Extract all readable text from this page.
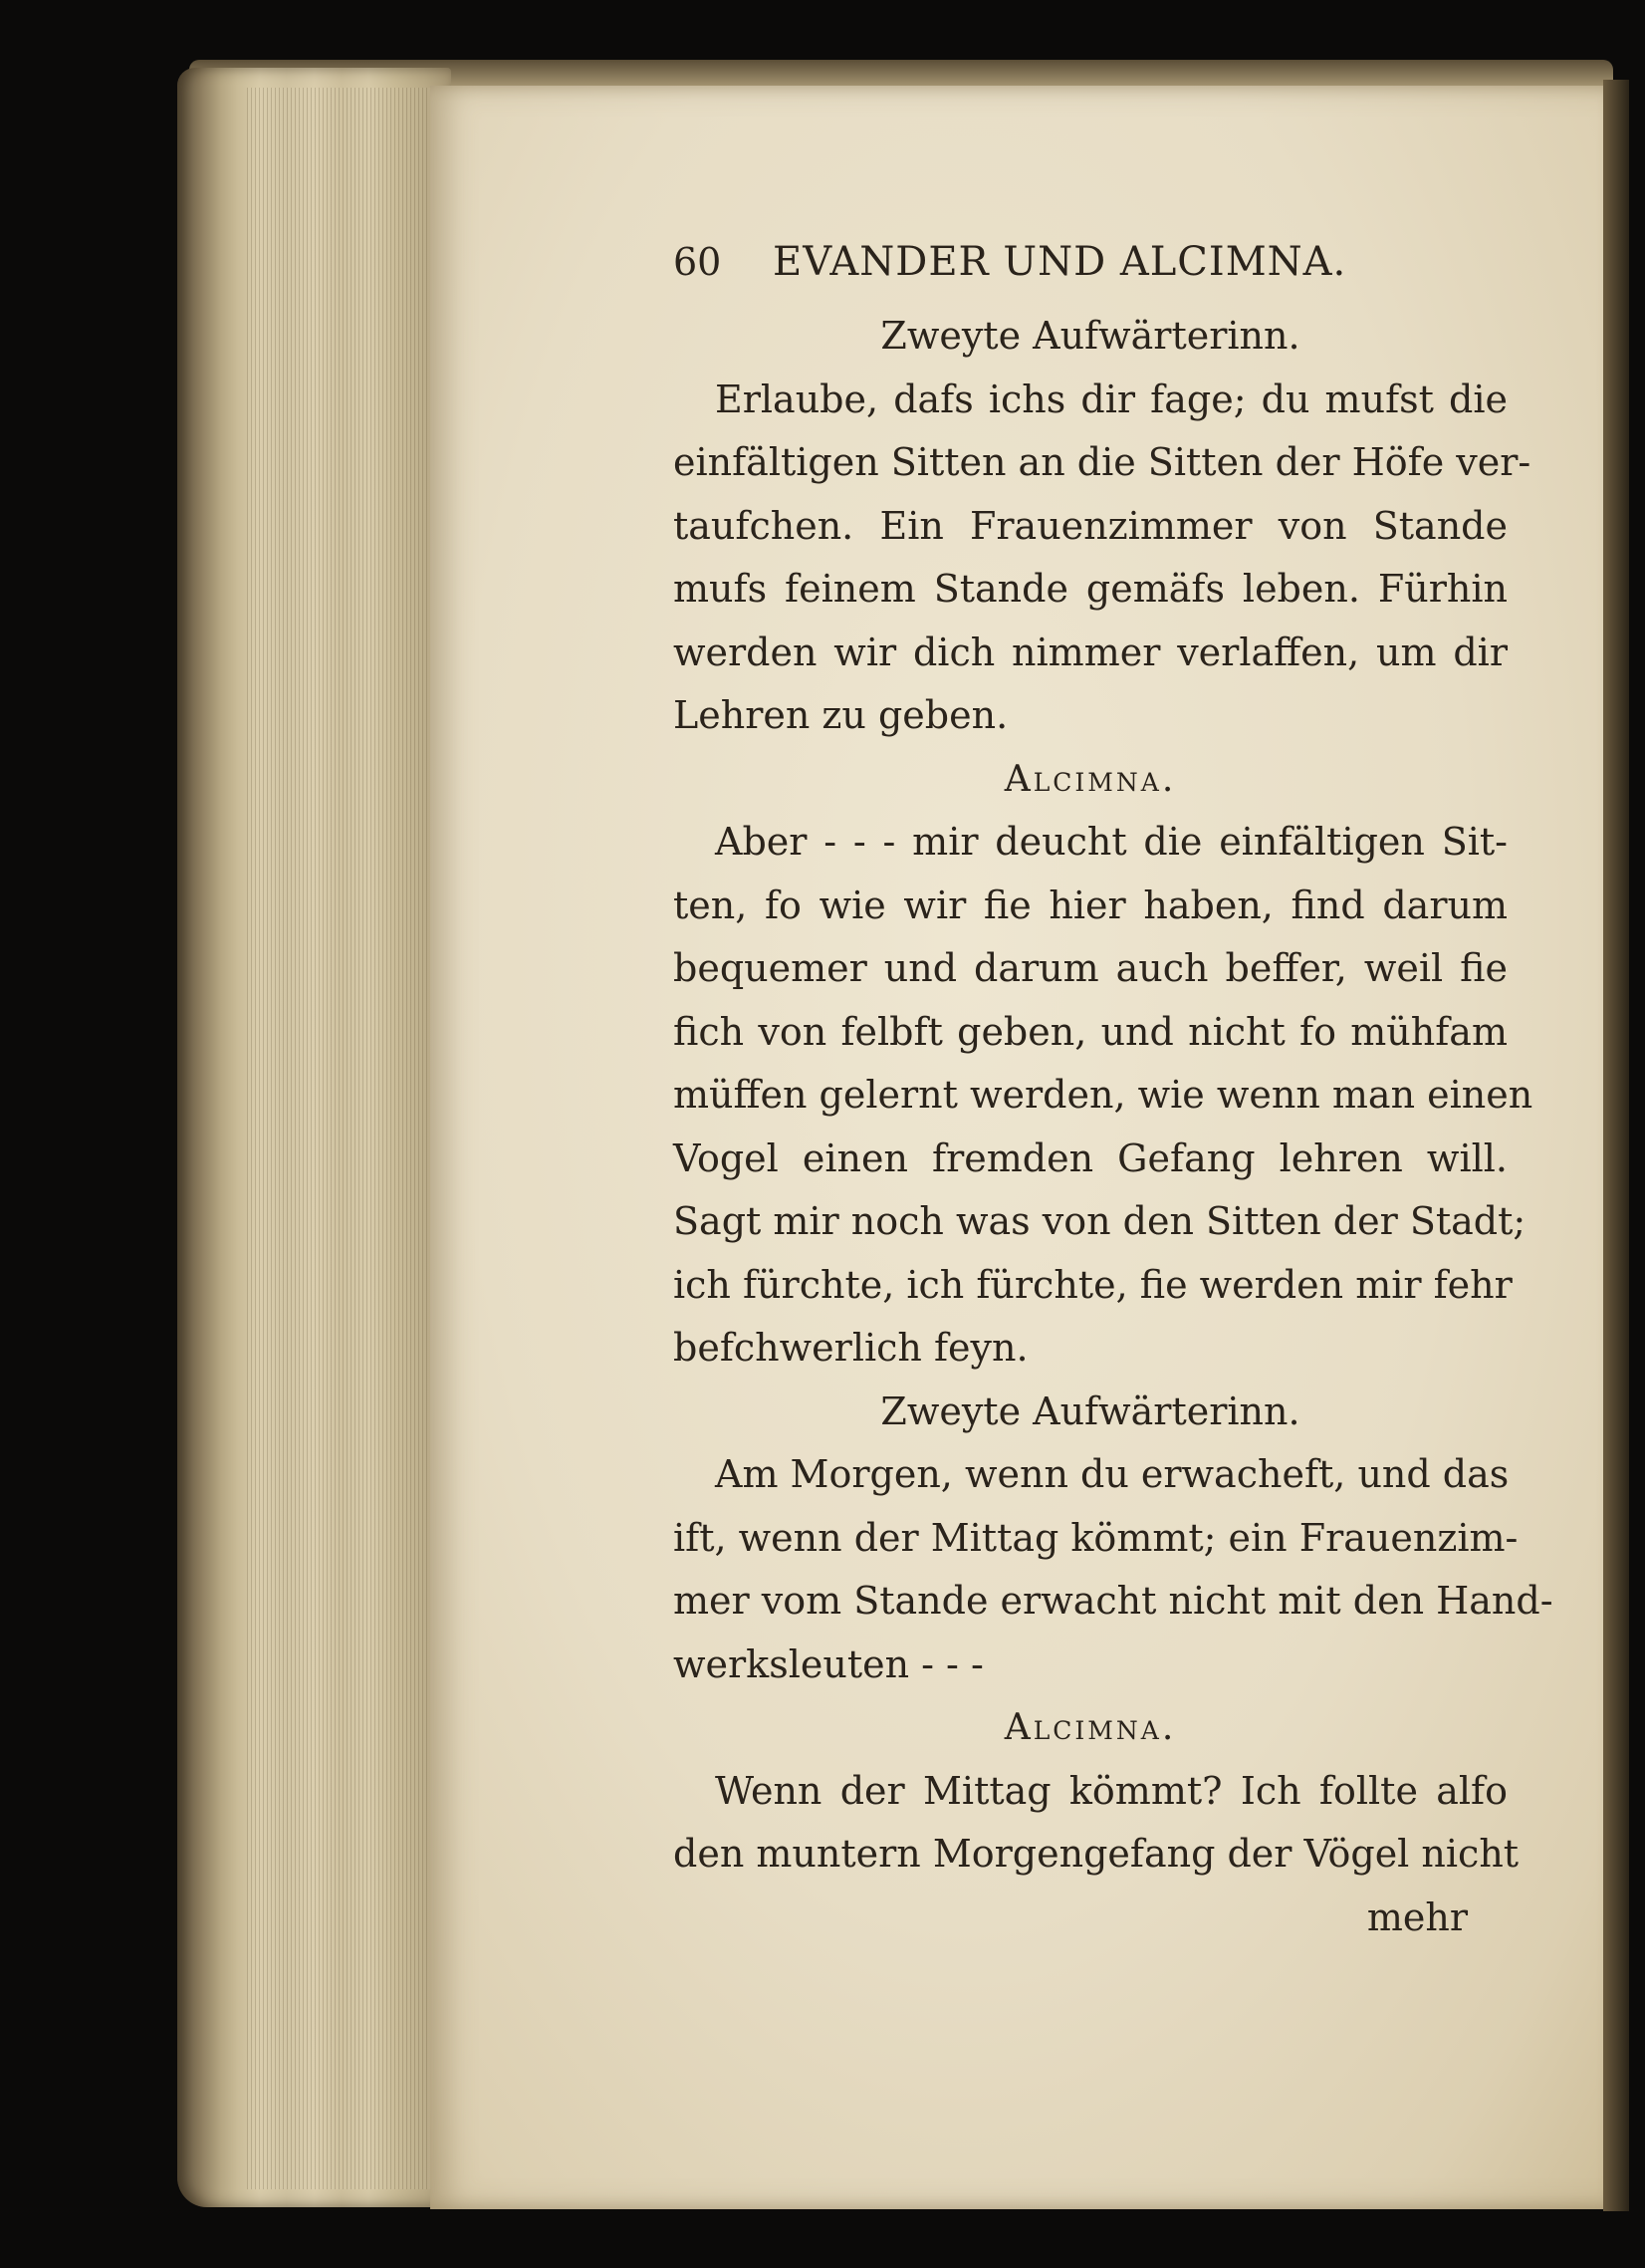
60	EVANDER UND ALCIMNA.
Zweyte Aufwärterinn.
Erlaube, dafs ichs dir fage; du mufst die
einfältigen Sitten an die Sitten der Höfe ver-
taufchen. Ein Frauenzimmer von Stande
mufs feinem Stande gemäfs leben. Fürhin
werden wir dich nimmer verlaffen, um dir
Lehren zu geben.
Alcimna.
Aber - - - mir deucht die einfältigen Sit-
ten, fo wie wir fie hier haben, find darum
bequemer und darum auch beffer, weil fie
fich von felbft geben, und nicht fo mühfam
müffen gelernt werden, wie wenn man einen
Vogel einen fremden Gefang lehren will.
Sagt mir noch was von den Sitten der Stadt;
ich fürchte, ich fürchte, fie werden mir fehr
befchwerlich feyn.
Zweyte Aufwärterinn.
Am Morgen, wenn du erwacheft, und das
ift, wenn der Mittag kömmt; ein Frauenzim-
mer vom Stande erwacht nicht mit den Hand-
werksleuten - - -
Alcimna.
Wenn der Mittag kömmt? Ich follte alfo
den muntern Morgengefang der Vögel nicht
mehr
